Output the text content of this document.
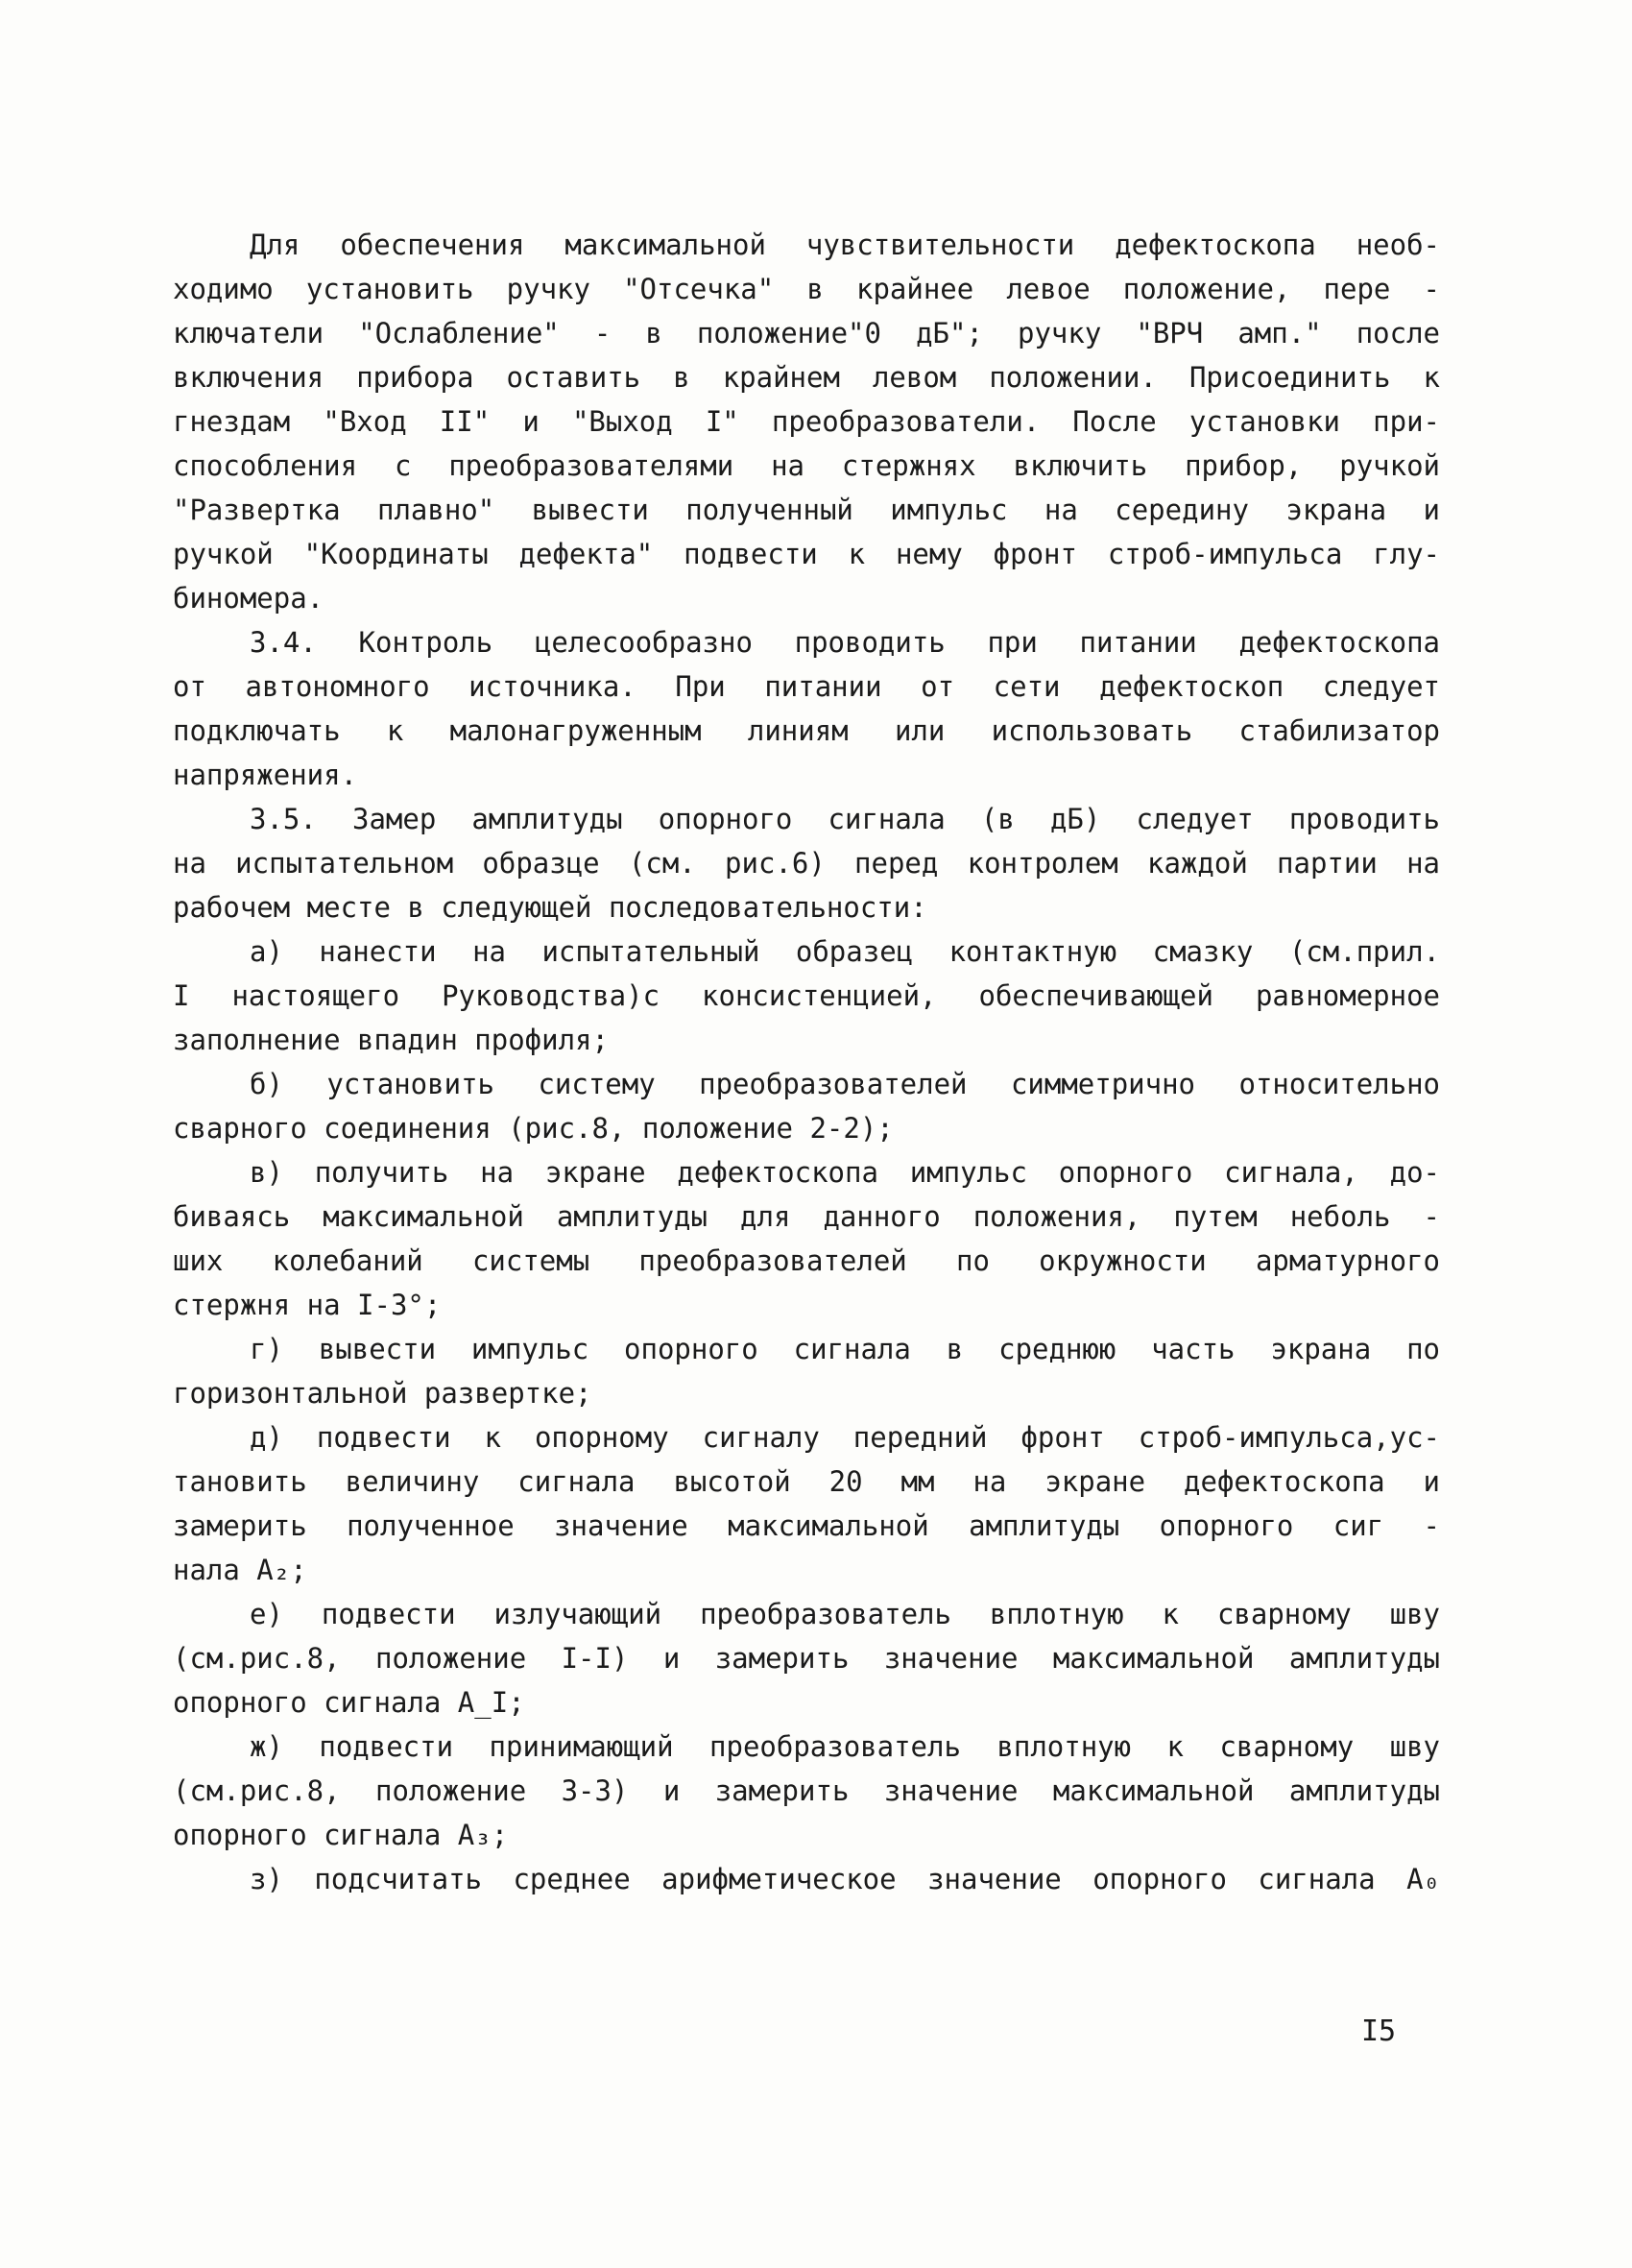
Для обеспечения максимальной чувствительности дефектоскопа необ-
ходимо установить ручку "Отсечка" в крайнее левое положение, пере -
ключатели "Ослабление" - в положение"0 дБ"; ручку "ВРЧ амп." после
включения прибора оставить в крайнем левом положении. Присоединить к
гнездам "Вход II" и "Выход I" преобразователи. После установки при-
способления с преобразователями на стержнях включить прибор, ручкой
"Развертка плавно" вывести полученный импульс на середину экрана и
ручкой "Координаты дефекта" подвести к нему фронт строб-импульса глу-
биномера.
3.4. Контроль целесообразно проводить при питании дефектоскопа
от автономного источника. При питании от сети дефектоскоп следует
подключать к малонагруженным линиям или использовать стабилизатор
напряжения.
3.5. Замер амплитуды опорного сигнала (в дБ) следует проводить
на испытательном образце (см. рис.6) перед контролем каждой партии на
рабочем месте в следующей последовательности:
а) нанести на испытательный образец контактную смазку (см.прил.
I настоящего Руководства)с консистенцией, обеспечивающей равномерное
заполнение впадин профиля;
б) установить систему преобразователей симметрично относительно
сварного соединения (рис.8, положение 2-2);
в) получить на экране дефектоскопа импульс опорного сигнала, до-
биваясь максимальной амплитуды для данного положения, путем неболь -
ших колебаний системы преобразователей по окружности арматурного
стержня на I-3°;
г) вывести импульс опорного сигнала в среднюю часть экрана по
горизонтальной развертке;
д) подвести к опорному сигналу передний фронт строб-импульса,ус-
тановить величину сигнала высотой 20 мм на экране дефектоскопа и
замерить полученное значение максимальной амплитуды опорного сиг -
нала A₂;
е) подвести излучающий преобразователь вплотную к сварному шву
(см.рис.8, положение I-I) и замерить значение максимальной амплитуды
опорного сигнала A_I;
ж) подвести принимающий преобразователь вплотную к сварному шву
(см.рис.8, положение 3-3) и замерить значение максимальной амплитуды
опорного сигнала A₃;
з) подсчитать среднее арифметическое значение опорного сигнала A₀
I5
